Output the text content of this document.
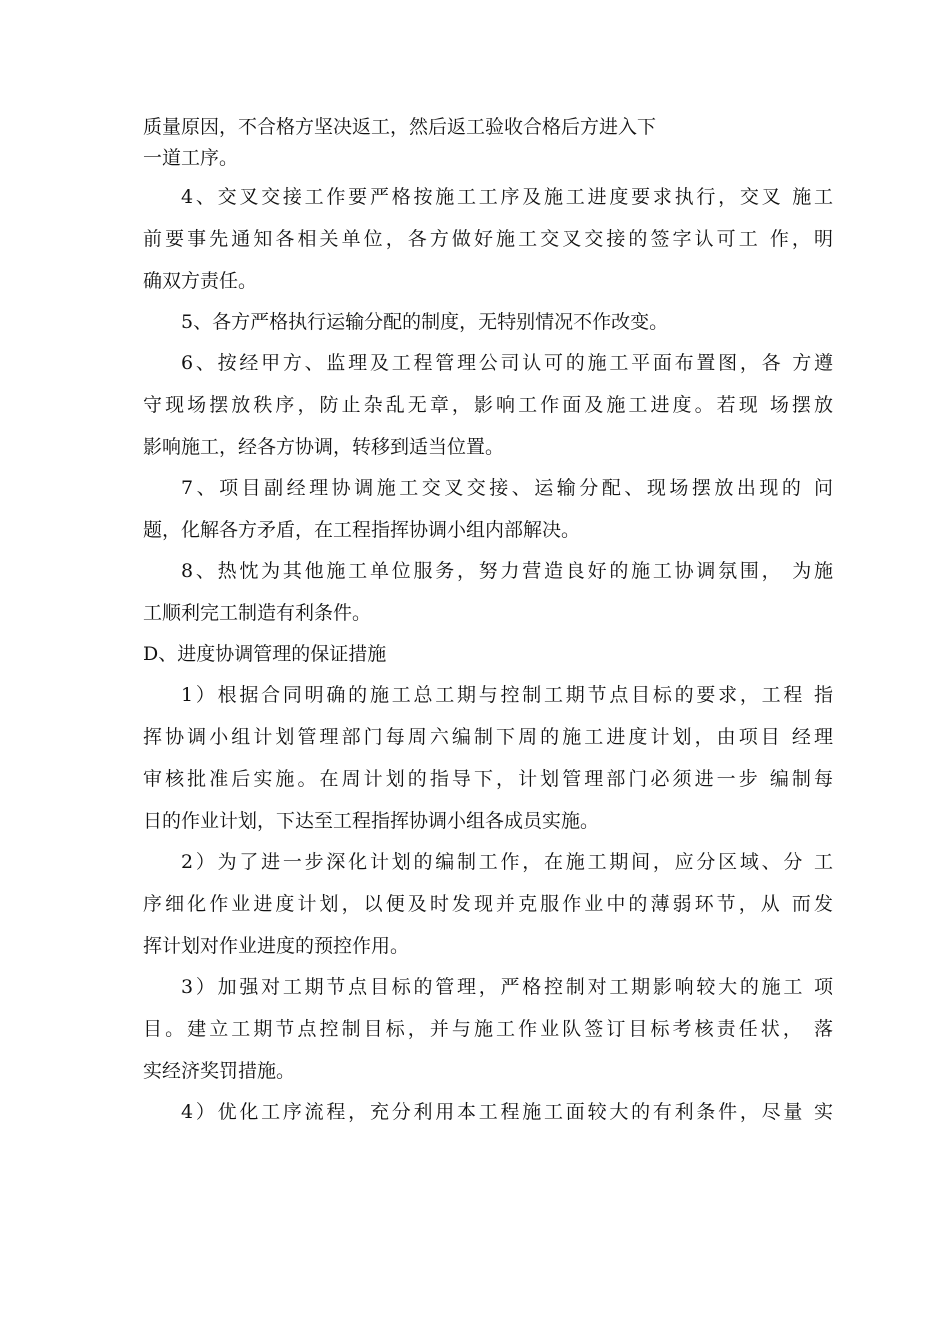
质量原因，不合格方坚决返工，然后返工验收合格后方进入下
一道工序。
4、交叉交接工作要严格按施工工序及施工进度要求执行，交叉 施工
前要事先通知各相关单位，各方做好施工交叉交接的签字认可工 作，明
确双方责任。
5、各方严格执行运输分配的制度，无特别情况不作改变。
6、按经甲方、监理及工程管理公司认可的施工平面布置图，各 方遵
守现场摆放秩序，防止杂乱无章，影响工作面及施工进度。若现 场摆放
影响施工，经各方协调，转移到适当位置。
7、项目副经理协调施工交叉交接、运输分配、现场摆放出现的 问
题，化解各方矛盾，在工程指挥协调小组内部解决。
8、热忱为其他施工单位服务，努力营造良好的施工协调氛围， 为施
工顺利完工制造有利条件。
D、进度协调管理的保证措施
1）根据合同明确的施工总工期与控制工期节点目标的要求，工程 指
挥协调小组计划管理部门每周六编制下周的施工进度计划，由项目 经理
审核批准后实施。在周计划的指导下，计划管理部门必须进一步 编制每
日的作业计划，下达至工程指挥协调小组各成员实施。
2）为了进一步深化计划的编制工作，在施工期间，应分区域、分 工
序细化作业进度计划，以便及时发现并克服作业中的薄弱环节，从 而发
挥计划对作业进度的预控作用。
3）加强对工期节点目标的管理，严格控制对工期影响较大的施工 项
目。建立工期节点控制目标，并与施工作业队签订目标考核责任状， 落
实经济奖罚措施。
4）优化工序流程，充分利用本工程施工面较大的有利条件，尽量 实
